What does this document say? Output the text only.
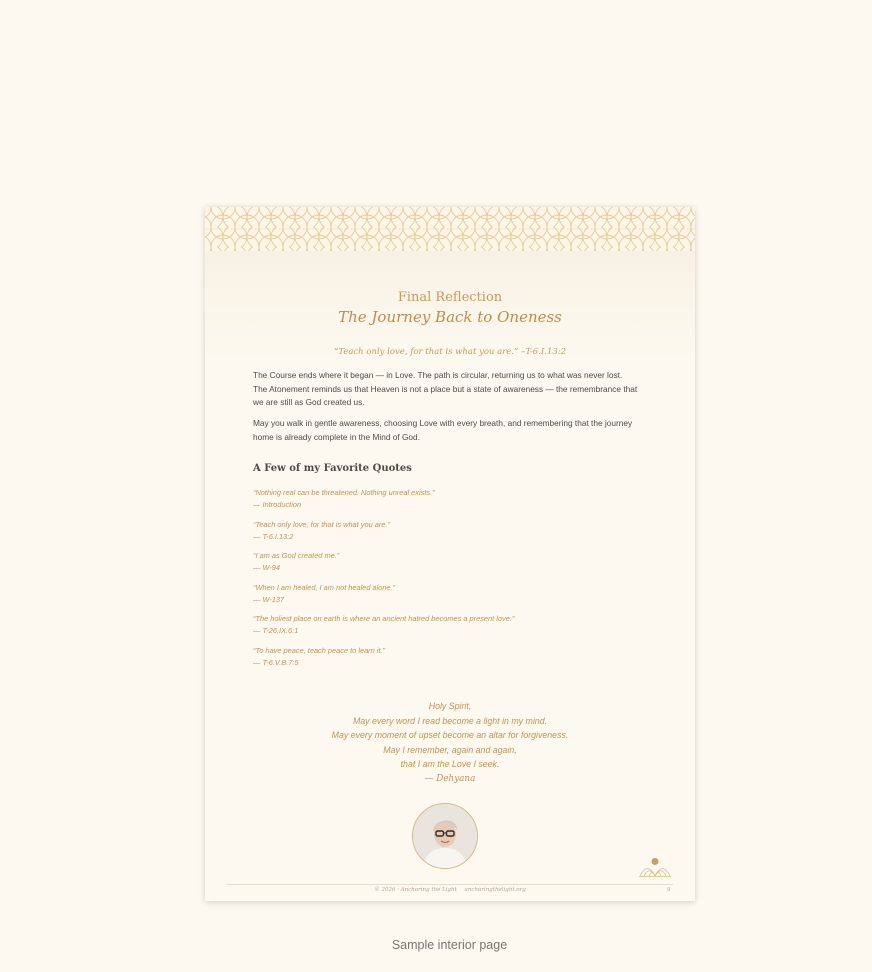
Final Reflection
The Journey Back to Oneness
“Teach only love, for that is what you are.” –T-6.I.13:2

The Course ends where it began — in Love. The path is circular, returning us to what was never lost. The Atonement reminds us that Heaven is not a place but a state of awareness — the remembrance that we are still as God created us.

May you walk in gentle awareness, choosing Love with every breath, and remembering that the journey home is already complete in the Mind of God.

A Few of my Favorite Quotes
“Nothing real can be threatened. Nothing unreal exists.”
— Introduction
“Teach only love, for that is what you are.”
— T-6.I.13:2
“I am as God created me.”
— W-94
“When I am healed, I am not healed alone.”
— W-137
“The holiest place on earth is where an ancient hatred becomes a present love.”
— T-26.IX.6:1
“To have peace, teach peace to learn it.”
— T-6.V.B.7:5
Holy Spirit,
May every word I read become a light in my mind.
May every moment of upset become an altar for forgiveness.
May I remember, again and again,
that I am the Love I seek.
— Dehyana
© 2026 · Anchoring the Light anchoringthelight.org	9
Sample interior page
